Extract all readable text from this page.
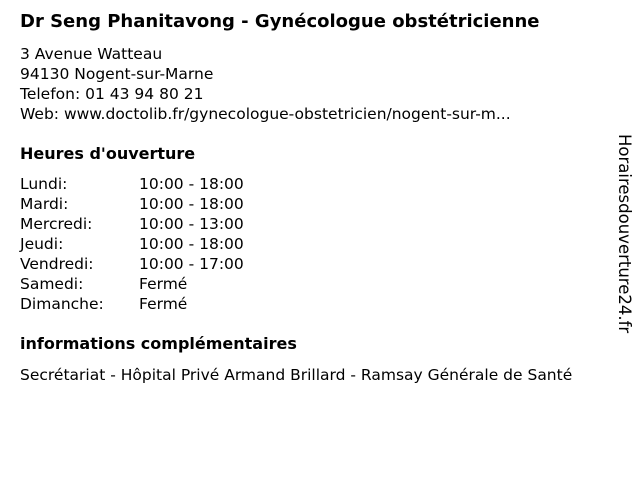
Dr Seng Phanitavong - Gynécologue obstétricienne
3 Avenue Watteau
94130 Nogent-sur-Marne
Telefon: 01 43 94 80 21
Web: www.doctolib.fr/gynecologue-obstetricien/nogent-sur-m...
Heures d'ouverture
Lundi:	10:00 - 18:00
Mardi:	10:00 - 18:00
Mercredi:	10:00 - 13:00
Jeudi:	10:00 - 18:00
Vendredi:	10:00 - 17:00
Samedi:	Fermé
Dimanche:	Fermé
informations complémentaires
Secrétariat - Hôpital Privé Armand Brillard - Ramsay Générale de Santé
Horairesdouverture24.fr
